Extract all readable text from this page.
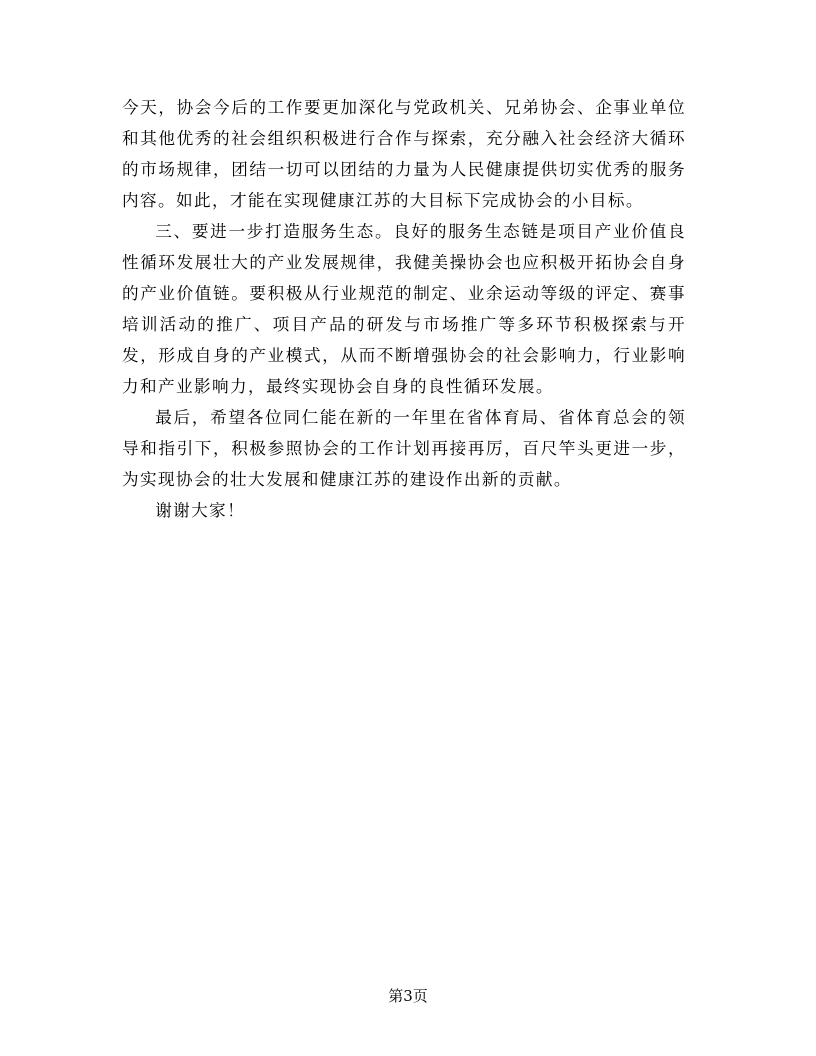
今天，协会今后的工作要更加深化与党政机关、兄弟协会、企事业单位和其他优秀的社会组织积极进行合作与探索，充分融入社会经济大循环的市场规律，团结一切可以团结的力量为人民健康提供切实优秀的服务内容。如此，才能在实现健康江苏的大目标下完成协会的小目标。

三、要进一步打造服务生态。良好的服务生态链是项目产业价值良性循环发展壮大的产业发展规律，我健美操协会也应积极开拓协会自身的产业价值链。要积极从行业规范的制定、业余运动等级的评定、赛事培训活动的推广、项目产品的研发与市场推广等多环节积极探索与开发，形成自身的产业模式，从而不断增强协会的社会影响力，行业影响力和产业影响力，最终实现协会自身的良性循环发展。

最后，希望各位同仁能在新的一年里在省体育局、省体育总会的领导和指引下，积极参照协会的工作计划再接再厉，百尺竿头更进一步，为实现协会的壮大发展和健康江苏的建设作出新的贡献。

谢谢大家！

第3页
